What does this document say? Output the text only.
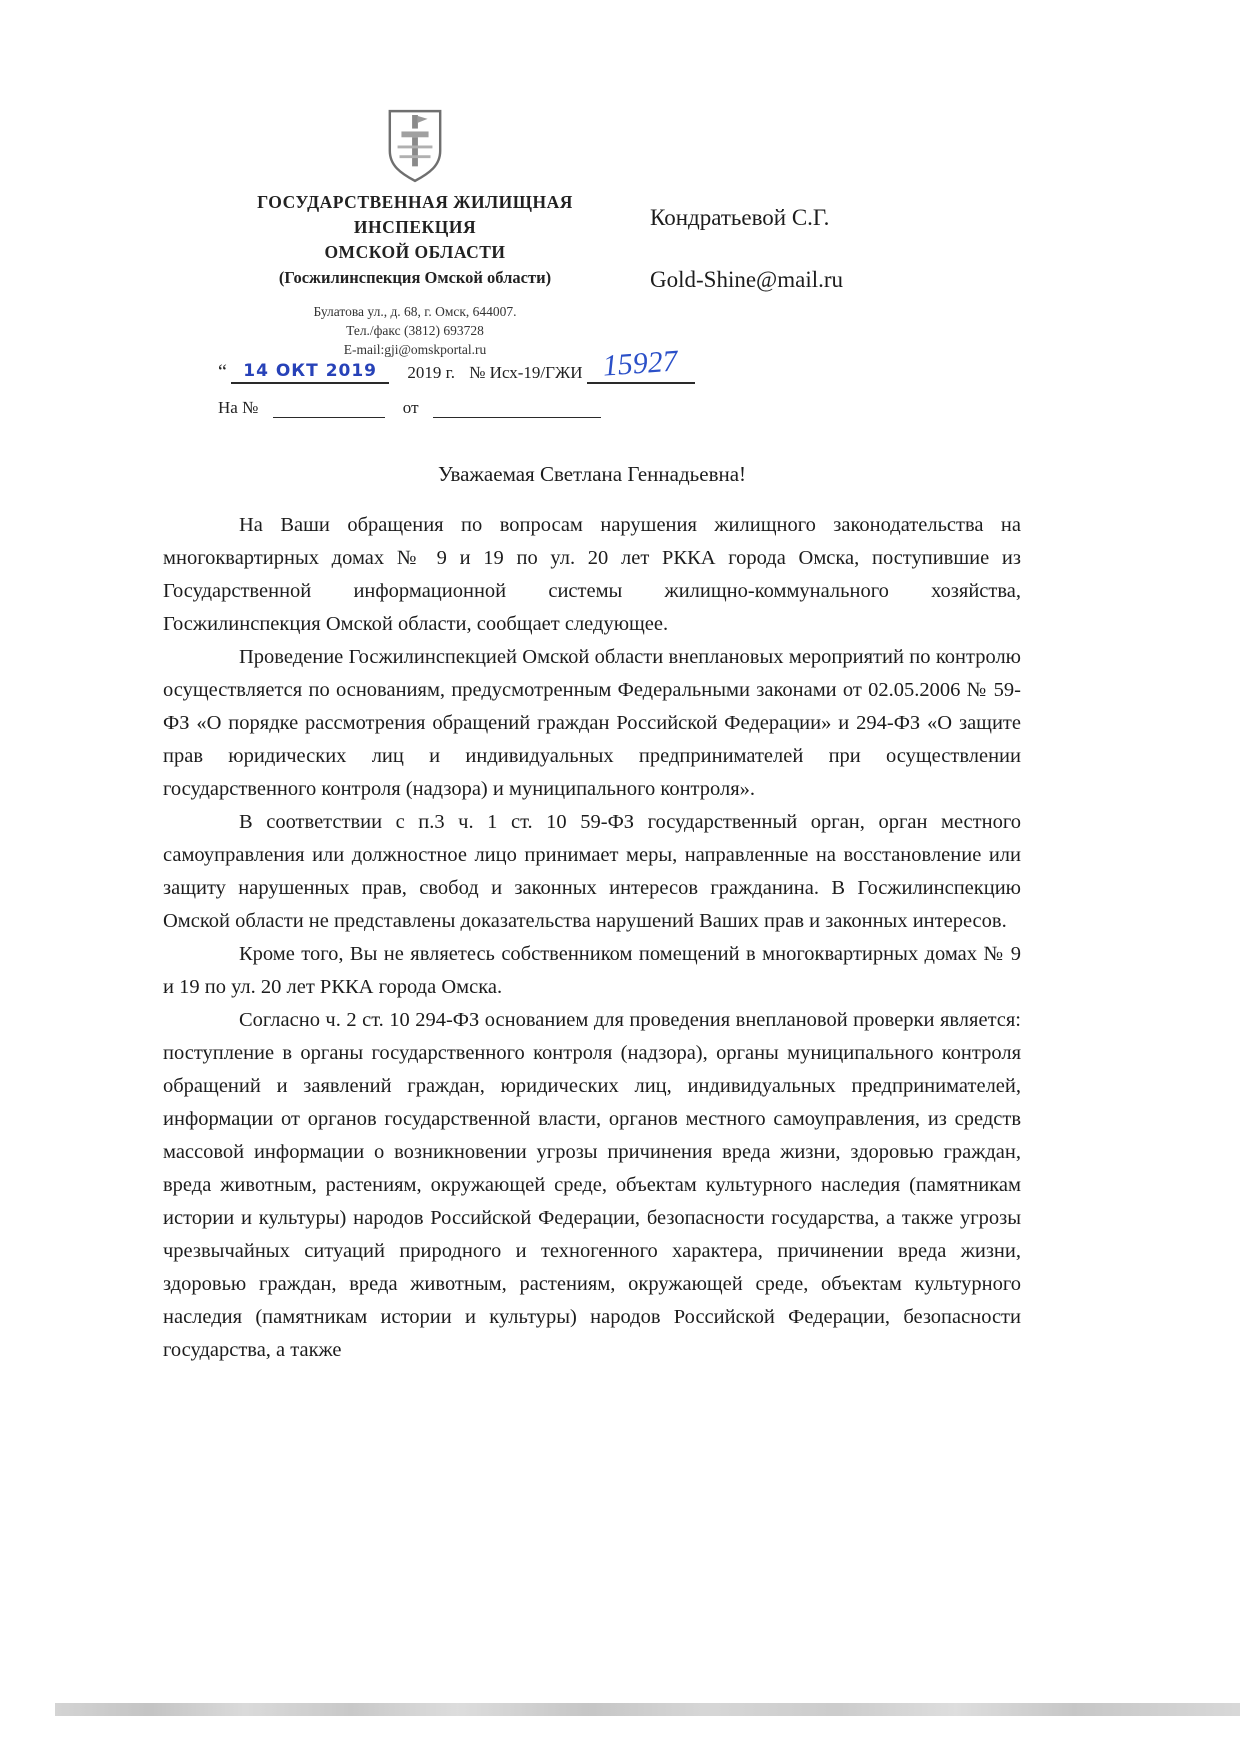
ГОСУДАРСТВЕННАЯ ЖИЛИЩНАЯ
ИНСПЕКЦИЯ
ОМСКОЙ ОБЛАСТИ
(Госжилинспекция Омской области)
Булатова ул., д. 68, г. Омск, 644007.
Тел./факс (3812) 693728
E-mail:gji@omskportal.ru
“ 14 ОКТ 2019 2019 г. № Исх-19/ГЖИ 15927
На №	от
Кондратьевой С.Г.
Gold-Shine@mail.ru
Уважаемая Светлана Геннадьевна!

На Ваши обращения по вопросам нарушения жилищного законодательства на многоквартирных домах № 9 и 19 по ул. 20 лет РККА города Омска, поступившие из Государственной информационной системы жилищно-коммунального хозяйства, Госжилинспекция Омской области, сообщает следующее.

Проведение Госжилинспекцией Омской области внеплановых мероприятий по контролю осуществляется по основаниям, предусмотренным Федеральными законами от 02.05.2006 № 59-ФЗ «О порядке рассмотрения обращений граждан Российской Федерации» и 294-ФЗ «О защите прав юридических лиц и индивидуальных предпринимателей при осуществлении государственного контроля (надзора) и муниципального контроля».

В соответствии с п.3 ч. 1 ст. 10 59-ФЗ государственный орган, орган местного самоуправления или должностное лицо принимает меры, направленные на восстановление или защиту нарушенных прав, свобод и законных интересов гражданина. В Госжилинспекцию Омской области не представлены доказательства нарушений Ваших прав и законных интересов.

Кроме того, Вы не являетесь собственником помещений в многоквартирных домах № 9 и 19 по ул. 20 лет РККА города Омска.

Согласно ч. 2 ст. 10 294-ФЗ основанием для проведения внеплановой проверки является: поступление в органы государственного контроля (надзора), органы муниципального контроля обращений и заявлений граждан, юридических лиц, индивидуальных предпринимателей, информации от органов государственной власти, органов местного самоуправления, из средств массовой информации о возникновении угрозы причинения вреда жизни, здоровью граждан, вреда животным, растениям, окружающей среде, объектам культурного наследия (памятникам истории и культуры) народов Российской Федерации, безопасности государства, а также угрозы чрезвычайных ситуаций природного и техногенного характера, причинении вреда жизни, здоровью граждан, вреда животным, растениям, окружающей среде, объектам культурного наследия (памятникам истории и культуры) народов Российской Федерации, безопасности государства, а также
